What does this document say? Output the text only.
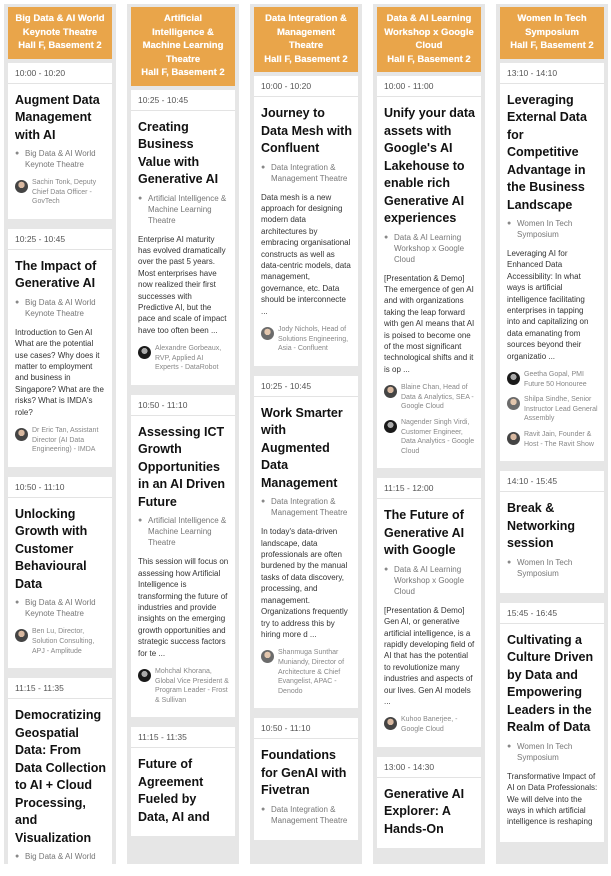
Big Data & AI World
Keynote Theatre
Hall F, Basement 2
10:00 - 10:20
Augment Data Management with AI
● Big Data & AI World Keynote Theatre
Sachin Tonk, Deputy Chief Data Officer - GovTech
10:25 - 10:45
The Impact of Generative AI
● Big Data & AI World Keynote Theatre
Introduction to Gen AI What are the potential use cases? Why does it matter to employment and business in Singapore? What are the risks? What is IMDA's role?
Dr Eric Tan, Assistant Director (AI Data Engineering) - IMDA
10:50 - 11:10
Unlocking Growth with Customer Behavioural Data
● Big Data & AI World Keynote Theatre
Ben Lu, Director, Solution Consulting, APJ - Amplitude
11:15 - 11:35
Democratizing Geospatial Data: From Data Collection to AI + Cloud Processing, and Visualization
● Big Data & AI World
Artificial
Intelligence &
Machine Learning
Theatre
Hall F, Basement 2
10:25 - 10:45
Creating Business Value with Generative AI
● Artificial Intelligence & Machine Learning Theatre
Enterprise AI maturity has evolved dramatically over the past 5 years. Most enterprises have now realized their first successes with Predictive AI, but the pace and scale of impact have too often been ...
Alexandre Gorbeaux, RVP, Applied AI Experts - DataRobot
10:50 - 11:10
Assessing ICT Growth Opportunities in an AI Driven Future
● Artificial Intelligence & Machine Learning Theatre
This session will focus on assessing how Artificial Intelligence is transforming the future of industries and provide insights on the emerging growth opportunities and strategic success factors for te ...
Mohchal Khorana, Global Vice President & Program Leader - Frost & Sullivan
11:15 - 11:35
Future of Agreement Fueled by Data, AI and
Data Integration &
Management
Theatre
Hall F, Basement 2
10:00 - 10:20
Journey to Data Mesh with Confluent
● Data Integration & Management Theatre
Data mesh is a new approach for designing modern data architectures by embracing organisational constructs as well as data-centric models, data management, governance, etc. Data should be interconnecte ...
Jody Nichols, Head of Solutions Engineering, Asia - Confluent
10:25 - 10:45
Work Smarter with Augmented Data Management
● Data Integration & Management Theatre
In today's data-driven landscape, data professionals are often burdened by the manual tasks of data discovery, processing, and management. Organizations frequently try to address this by hiring more d ...
Shanmuga Sunthar Muniandy, Director of Architecture & Chief Evangelist, APAC - Denodo
10:50 - 11:10
Foundations for GenAI with Fivetran
● Data Integration & Management Theatre
Data & AI Learning
Workshop x Google
Cloud
Hall F, Basement 2
10:00 - 11:00
Unify your data assets with Google's AI Lakehouse to enable rich Generative AI experiences
● Data & AI Learning Workshop x Google Cloud
[Presentation & Demo] The emergence of gen AI and with organizations taking the leap forward with gen AI means that AI is poised to become one of the most significant technological shifts and it is op ...
Blaine Chan, Head of Data & Analytics, SEA - Google Cloud
Nagender Singh Virdi, Customer Engineer, Data Analytics - Google Cloud
11:15 - 12:00
The Future of Generative AI with Google
● Data & AI Learning Workshop x Google Cloud
[Presentation & Demo] Gen AI, or generative artificial intelligence, is a rapidly developing field of AI that has the potential to revolutionize many industries and aspects of our lives. Gen AI models ...
Kuhoo Banerjee, - Google Cloud
13:00 - 14:30
Generative AI Explorer: A Hands-On
Women In Tech
Symposium
Hall F, Basement 2
13:10 - 14:10
Leveraging External Data for Competitive Advantage in the Business Landscape
● Women In Tech Symposium
Leveraging AI for Enhanced Data Accessibility: In what ways is artificial intelligence facilitating enterprises in tapping into and capitalizing on data emanating from sources beyond their organizatio ...
Geetha Gopal, PMI Future 50 Honouree
Shilpa Sindhe, Senior Instructor Lead General Assembly
Ravit Jain, Founder & Host - The Ravit Show
14:10 - 15:45
Break & Networking session
● Women In Tech Symposium
15:45 - 16:45
Cultivating a Culture Driven by Data and Empowering Leaders in the Realm of Data
● Women In Tech Symposium
Transformative Impact of AI on Data Professionals: We will delve into the ways in which artificial intelligence is reshaping
